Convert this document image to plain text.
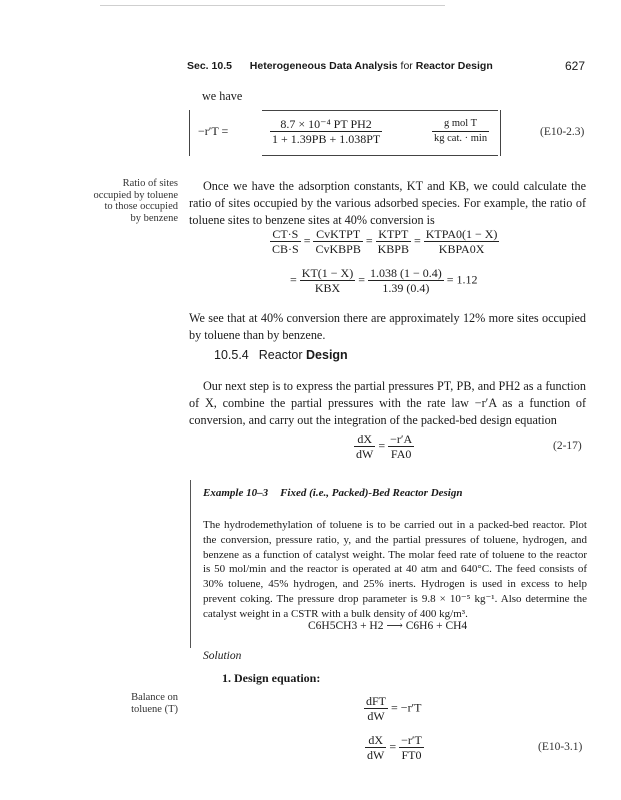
Sec. 10.5 Heterogeneous Data Analysis for Reactor Design	627
we have
−r′T =	$\frac{\text{8.7 × 10⁻⁴ PT PH2}}{1 + 1.39PB + 1.038PT}$	$\frac{\text{g mol T}}{\text{kg cat. · min}}$	(E10-2.3)
Ratio of sites
occupied by toluene
to those occupied
by benzene
Once we have the adsorption constants, KT and KB, we could calculate the ratio of sites occupied by the various adsorbed species. For example, the ratio of toluene sites to benzene sites at 40% conversion is
$\frac{CT\cdot S}{CB\cdot S} = \frac{\text{CvKTPT}}{\text{CvKBPB}} = \frac{\text{KTPT}}{\text{KBPB}} = \frac{\text{KTPA0(1 − X)}}{\text{KBPA0X}}$
= $\frac{KT(1 - X)}{\text{KBX}} = \frac{1.038 (1 - 0.4)}{1.39 (0.4)} = 1.12$
We see that at 40% conversion there are approximately 12% more sites occupied by toluene than by benzene.
10.5.4 Reactor Design
Our next step is to express the partial pressures PT, PB, and PH2 as a function of X, combine the partial pressures with the rate law −r′A as a function of conversion, and carry out the integration of the packed-bed design equation
$\frac{dX}{dW} = \frac{-r'A}{FA0}$	(2-17)
Example 10–3 Fixed (i.e., Packed)-Bed Reactor Design
The hydrodemethylation of toluene is to be carried out in a packed-bed reactor. Plot the conversion, pressure ratio, y, and the partial pressures of toluene, hydrogen, and benzene as a function of catalyst weight. The molar feed rate of toluene to the reactor is 50 mol/min and the reactor is operated at 40 atm and 640°C. The feed consists of 30% toluene, 45% hydrogen, and 25% inerts. Hydrogen is used in excess to help prevent coking. The pressure drop parameter is 9.8 × 10⁻⁵ kg⁻¹. Also determine the catalyst weight in a CSTR with a bulk density of 400 kg/m³.
C6H5CH3 + H2 ⟶ C6H6 + CH4
Solution
1. Design equation:
Balance on
toluene (T)	$\frac{\text{dFT}}{dW} = -r'T$
$\frac{dX}{dW} = \frac{-r'T}{FT0}$	(E10-3.1)
